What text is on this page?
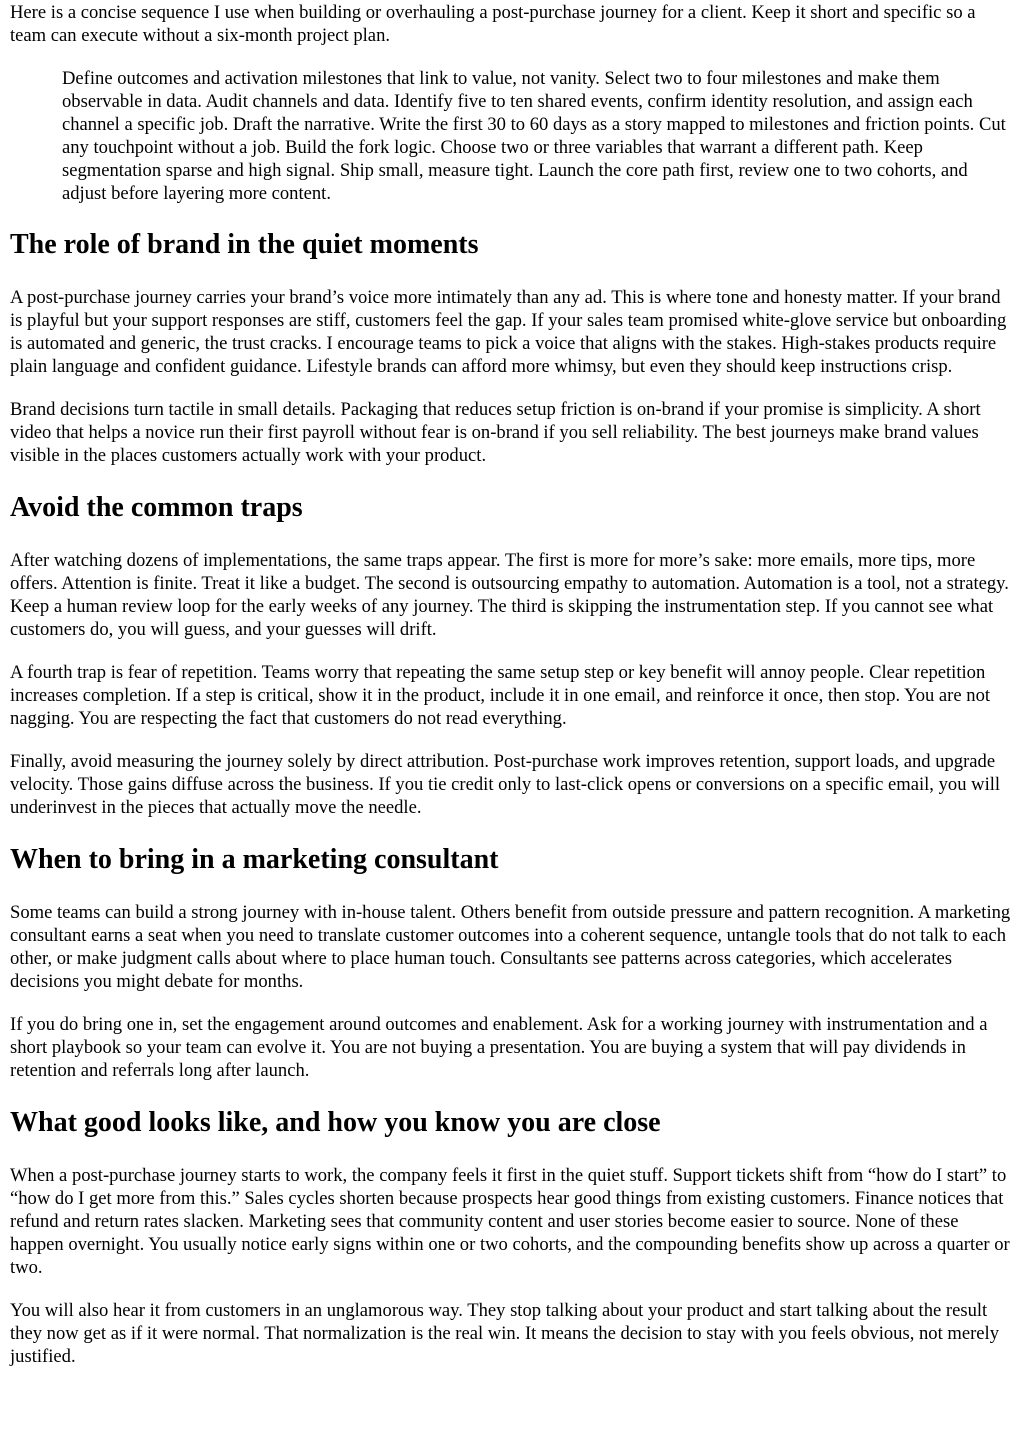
Here is a concise sequence I use when building or overhauling a post-purchase journey for a client. Keep it short and specific so a team can execute without a six-month project plan.

Define outcomes and activation milestones that link to value, not vanity. Select two to four milestones and make them observable in data. Audit channels and data. Identify five to ten shared events, confirm identity resolution, and assign each channel a specific job. Draft the narrative. Write the first 30 to 60 days as a story mapped to milestones and friction points. Cut any touchpoint without a job. Build the fork logic. Choose two or three variables that warrant a different path. Keep segmentation sparse and high signal. Ship small, measure tight. Launch the core path first, review one to two cohorts, and adjust before layering more content.
The role of brand in the quiet moments

A post-purchase journey carries your brand’s voice more intimately than any ad. This is where tone and honesty matter. If your brand is playful but your support responses are stiff, customers feel the gap. If your sales team promised white-glove service but onboarding is automated and generic, the trust cracks. I encourage teams to pick a voice that aligns with the stakes. High-stakes products require plain language and confident guidance. Lifestyle brands can afford more whimsy, but even they should keep instructions crisp.

Brand decisions turn tactile in small details. Packaging that reduces setup friction is on-brand if your promise is simplicity. A short video that helps a novice run their first payroll without fear is on-brand if you sell reliability. The best journeys make brand values visible in the places customers actually work with your product.

Avoid the common traps

After watching dozens of implementations, the same traps appear. The first is more for more’s sake: more emails, more tips, more offers. Attention is finite. Treat it like a budget. The second is outsourcing empathy to automation. Automation is a tool, not a strategy. Keep a human review loop for the early weeks of any journey. The third is skipping the instrumentation step. If you cannot see what customers do, you will guess, and your guesses will drift.

A fourth trap is fear of repetition. Teams worry that repeating the same setup step or key benefit will annoy people. Clear repetition increases completion. If a step is critical, show it in the product, include it in one email, and reinforce it once, then stop. You are not nagging. You are respecting the fact that customers do not read everything.

Finally, avoid measuring the journey solely by direct attribution. Post-purchase work improves retention, support loads, and upgrade velocity. Those gains diffuse across the business. If you tie credit only to last-click opens or conversions on a specific email, you will underinvest in the pieces that actually move the needle.

When to bring in a marketing consultant

Some teams can build a strong journey with in-house talent. Others benefit from outside pressure and pattern recognition. A marketing consultant earns a seat when you need to translate customer outcomes into a coherent sequence, untangle tools that do not talk to each other, or make judgment calls about where to place human touch. Consultants see patterns across categories, which accelerates decisions you might debate for months.

If you do bring one in, set the engagement around outcomes and enablement. Ask for a working journey with instrumentation and a short playbook so your team can evolve it. You are not buying a presentation. You are buying a system that will pay dividends in retention and referrals long after launch.

What good looks like, and how you know you are close

When a post-purchase journey starts to work, the company feels it first in the quiet stuff. Support tickets shift from “how do I start” to “how do I get more from this.” Sales cycles shorten because prospects hear good things from existing customers. Finance notices that refund and return rates slacken. Marketing sees that community content and user stories become easier to source. None of these happen overnight. You usually notice early signs within one or two cohorts, and the compounding benefits show up across a quarter or two.

You will also hear it from customers in an unglamorous way. They stop talking about your product and start talking about the result they now get as if it were normal. That normalization is the real win. It means the decision to stay with you feels obvious, not merely justified.
